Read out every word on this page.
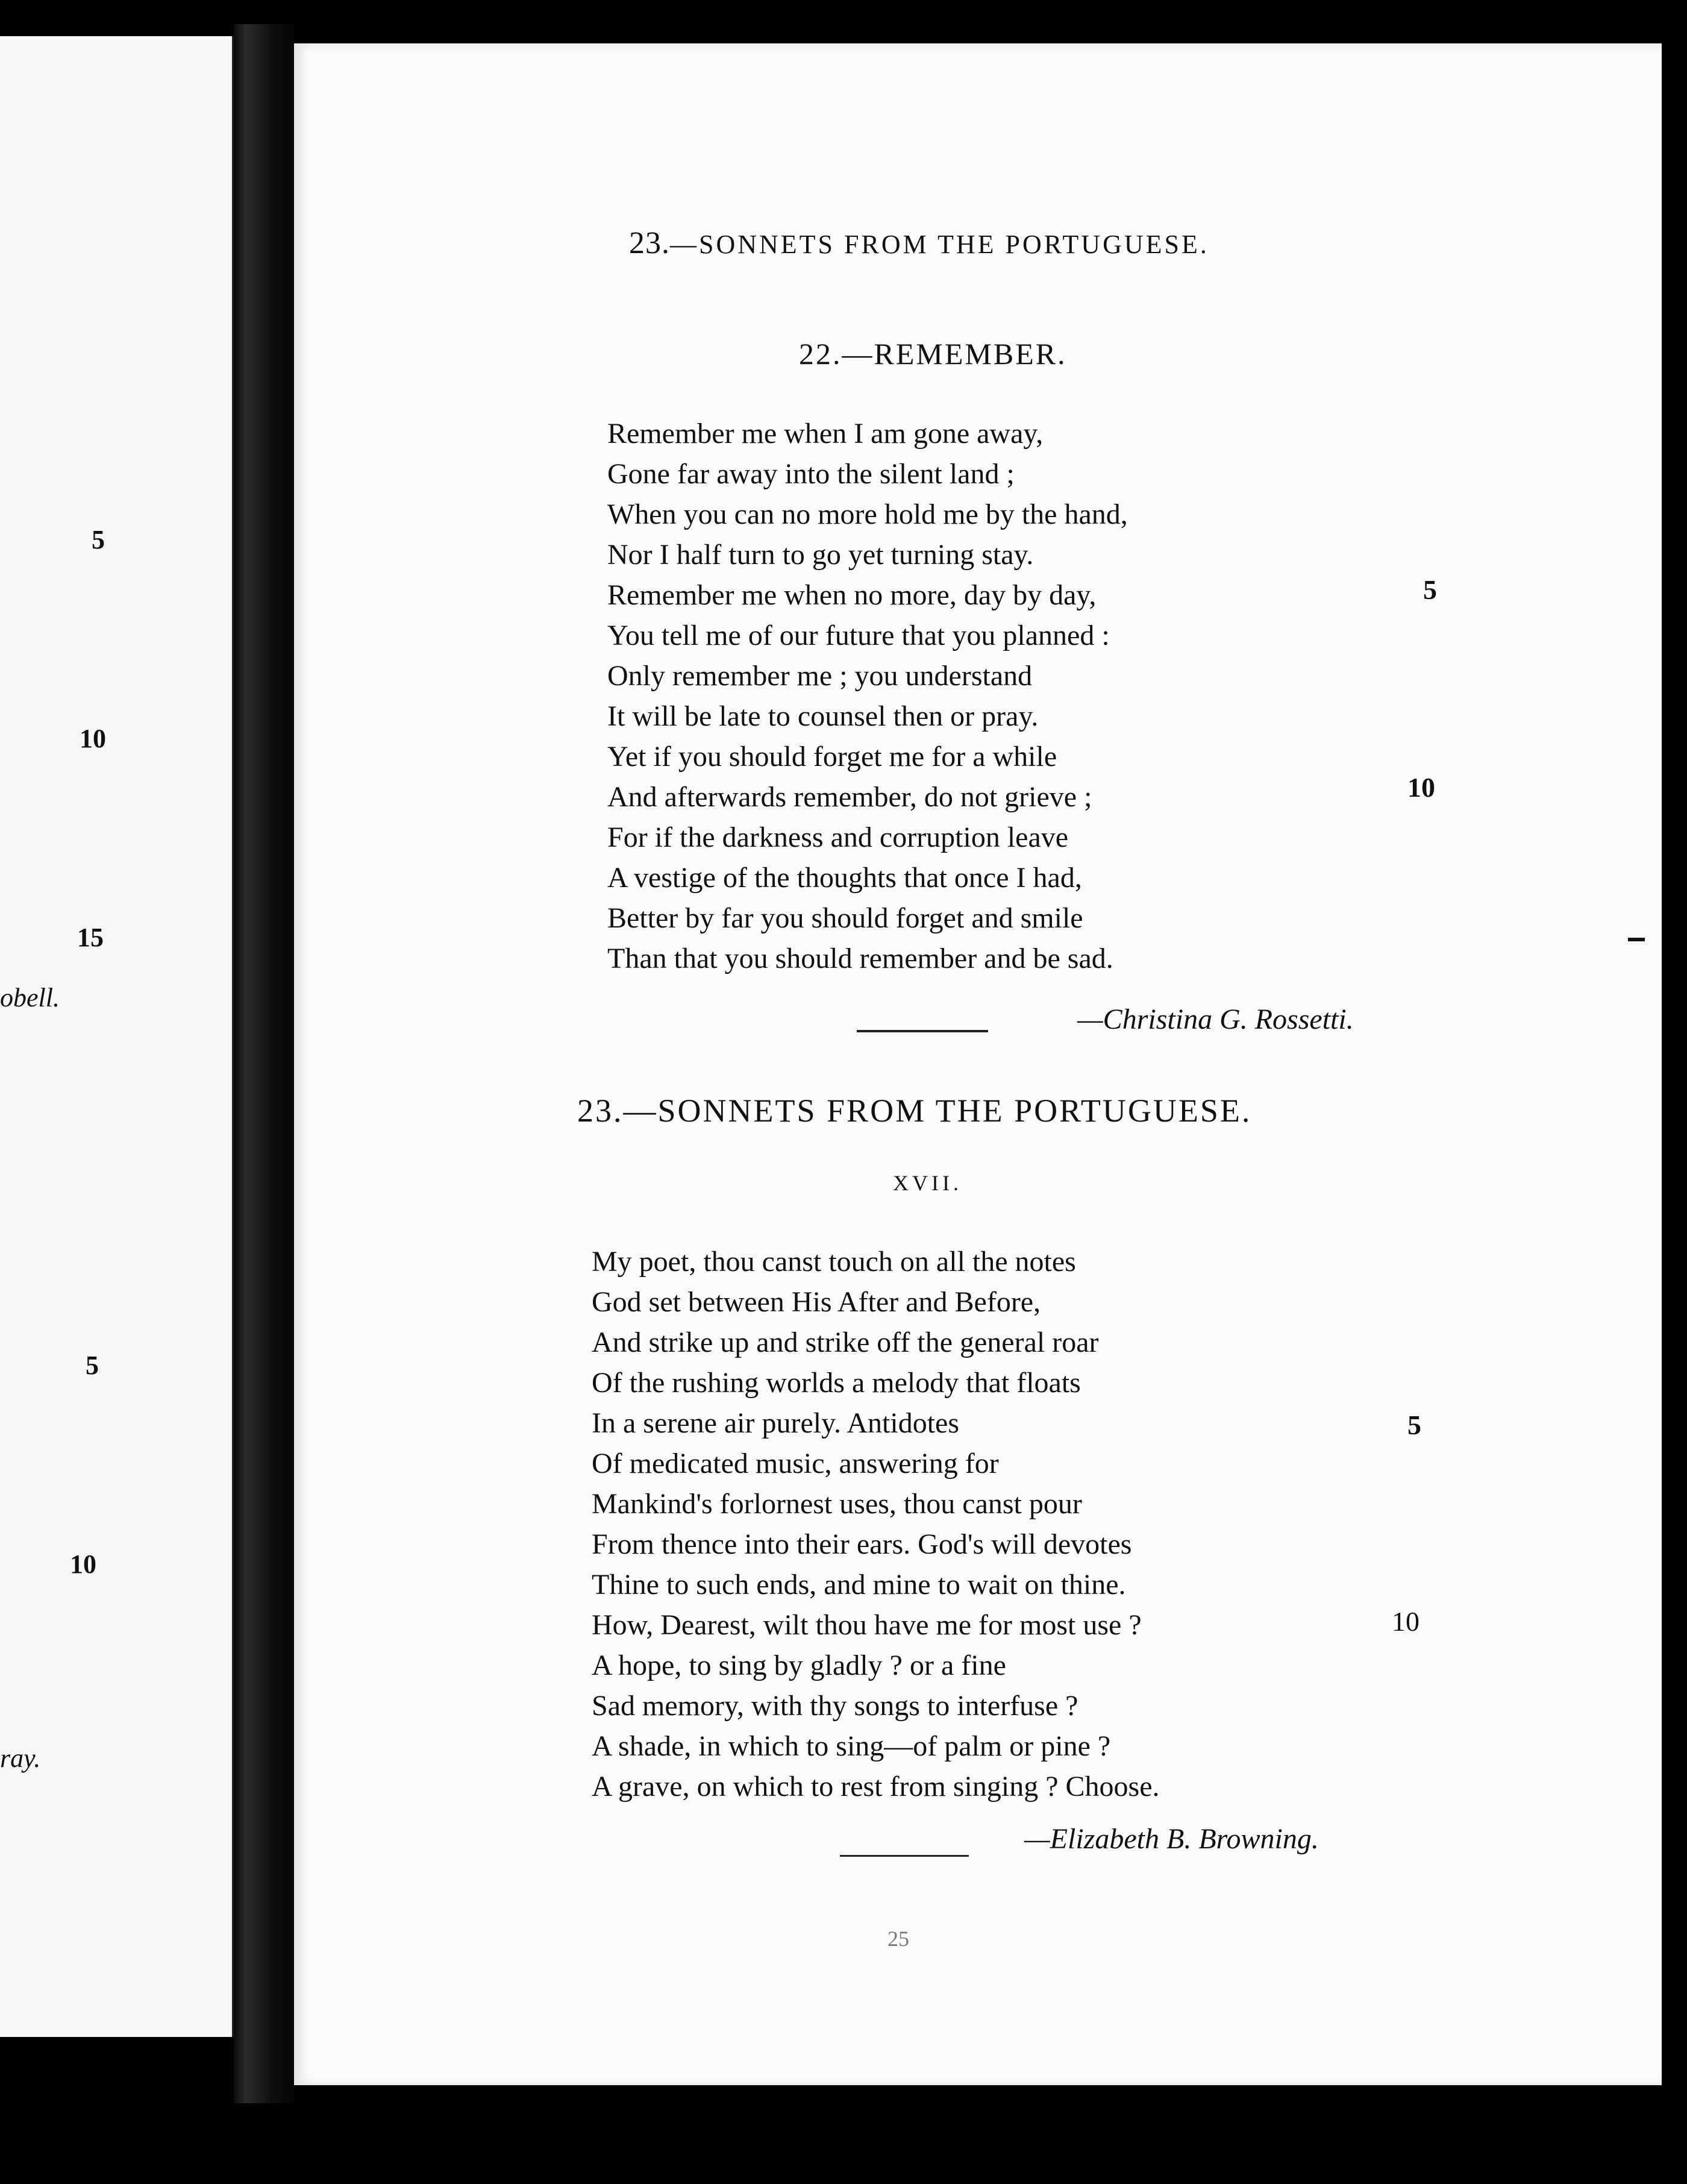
5
10
15
obell.
5
10
ray.
23.—SONNETS FROM THE PORTUGUESE.
22.—REMEMBER.
Remember me when I am gone away,
Gone far away into the silent land ;
When you can no more hold me by the hand,
Nor I half turn to go yet turning stay.
Remember me when no more, day by day,
You tell me of our future that you planned :
Only remember me ; you understand
It will be late to counsel then or pray.
Yet if you should forget me for a while
And afterwards remember, do not grieve ;
For if the darkness and corruption leave
A vestige of the thoughts that once I had,
Better by far you should forget and smile
Than that you should remember and be sad.
5
10
—Christina G. Rossetti.
23.—SONNETS FROM THE PORTUGUESE.
XVII.
My poet, thou canst touch on all the notes
God set between His After and Before,
And strike up and strike off the general roar
Of the rushing worlds a melody that floats
In a serene air purely. Antidotes
Of medicated music, answering for
Mankind's forlornest uses, thou canst pour
From thence into their ears. God's will devotes
Thine to such ends, and mine to wait on thine.
How, Dearest, wilt thou have me for most use ?
A hope, to sing by gladly ? or a fine
Sad memory, with thy songs to interfuse ?
A shade, in which to sing—of palm or pine ?
A grave, on which to rest from singing ? Choose.
5
10
—Elizabeth B. Browning.
25
